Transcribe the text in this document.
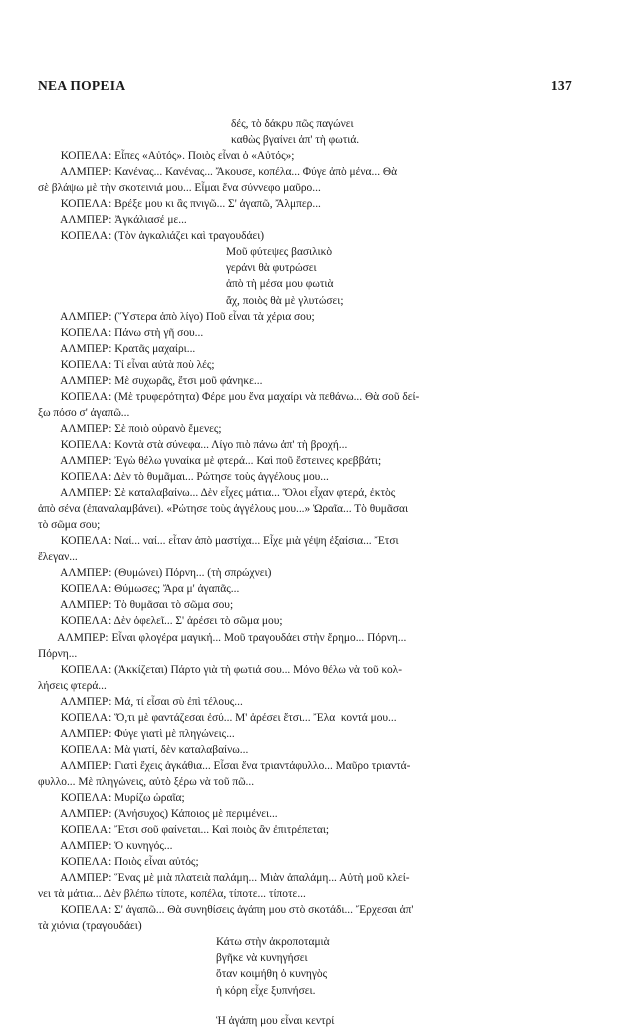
ΝΕΑ ΠΟΡΕΙΑ	137
δές, τὸ δάκρυ πῶς παγώνει
καθὼς βγαίνει ἀπ' τὴ φωτιά.
ΚΟΠΕΛΑ: Εἶπες «Αὐτός». Ποιὸς εἶναι ὁ «Αὐτός»;
ΑΛΜΠΕΡ: Κανένας... Κανένας... Ἄκουσε, κοπέλα... Φύγε ἀπὸ μένα... Θὰ
σὲ βλάψω μὲ τὴν σκοτεινιά μου... Εἶμαι ἕνα σύννεφο μαῦρο...
ΚΟΠΕΛΑ: Βρέξε μου κι ἂς πνιγῶ... Σ' ἀγαπῶ, Ἄλμπερ...
ΑΛΜΠΕΡ: Ἀγκάλιασέ με...
ΚΟΠΕΛΑ: (Τὸν ἀγκαλιάζει καὶ τραγουδάει)
Μοῦ φύτεψες βασιλικὸ
γεράνι θὰ φυτρώσει
ἀπὸ τὴ μέσα μου φωτιὰ
ἄχ, ποιὸς θὰ μὲ γλυτώσει;
ΑΛΜΠΕΡ: (Ὕστερα ἀπὸ λίγο) Ποῦ εἶναι τὰ χέρια σου;
ΚΟΠΕΛΑ: Πάνω στὴ γῆ σου...
ΑΛΜΠΕΡ: Κρατᾶς μαχαίρι...
ΚΟΠΕΛΑ: Τί εἶναι αὐτὰ ποὺ λές;
ΑΛΜΠΕΡ: Μὲ συχωρᾶς, ἔτσι μοῦ φάνηκε...
ΚΟΠΕΛΑ: (Μὲ τρυφερότητα) Φέρε μου ἕνα μαχαίρι νὰ πεθάνω... Θὰ σοῦ δεί-
ξω πόσο σ' ἀγαπῶ...
ΑΛΜΠΕΡ: Σὲ ποιὸ οὐρανὸ ἔμενες;
ΚΟΠΕΛΑ: Κοντὰ στὰ σύνεφα... Λίγο πιὸ πάνω ἀπ' τὴ βροχή...
ΑΛΜΠΕΡ: Ἐγὼ θέλω γυναίκα μὲ φτερά... Καὶ ποῦ ἔστεινες κρεββάτι;
ΚΟΠΕΛΑ: Δὲν τὸ θυμᾶμαι... Ρώτησε τοὺς ἀγγέλους μου...
ΑΛΜΠΕΡ: Σὲ καταλαβαίνω... Δὲν εἶχες μάτια... Ὅλοι εἶχαν φτερά, ἐκτὸς
ἀπὸ σένα (ἐπαναλαμβάνει). «Ρώτησε τοὺς ἀγγέλους μου...» Ὡραῖα... Τὸ θυμᾶσαι
τὸ σῶμα σου;
ΚΟΠΕΛΑ: Ναί... ναί... εἶταν ἀπὸ μαστίχα... Εἶχε μιὰ γέψη ἐξαίσια... Ἔτσι
ἔλεγαν...
ΑΛΜΠΕΡ: (Θυμώνει) Πόρνη... (τὴ σπρώχνει)
ΚΟΠΕΛΑ: Θύμωσες; Ἄρα μ' ἀγαπᾶς...
ΑΛΜΠΕΡ: Τὸ θυμᾶσαι τὸ σῶμα σου;
ΚΟΠΕΛΑ: Δὲν ὀφελεῖ... Σ' ἀρέσει τὸ σῶμα μου;
ΑΛΜΠΕΡ: Εἶναι φλογέρα μαγική... Μοῦ τραγουδάει στὴν ἔρημο... Πόρνη...
Πόρνη...
ΚΟΠΕΛΑ: (Ἀκκίζεται) Πάρτο γιὰ τὴ φωτιά σου... Μόνο θέλω νὰ τοῦ κολ-
λήσεις φτερά...
ΑΛΜΠΕΡ: Μά, τί εἶσαι σὺ ἐπὶ τέλους...
ΚΟΠΕΛΑ: Ὅ,τι μὲ φαντάζεσαι ἐσύ... Μ' ἀρέσει ἔτσι... Ἔλα  κοντά μου...
ΑΛΜΠΕΡ: Φύγε γιατὶ μὲ πληγώνεις...
ΚΟΠΕΛΑ: Μὰ γιατί, δὲν καταλαβαίνω...
ΑΛΜΠΕΡ: Γιατὶ ἔχεις ἀγκάθια... Εἶσαι ἕνα τριαντάφυλλο... Μαῦρο τριαντά-
φυλλο... Μὲ πληγώνεις, αὐτὸ ξέρω νὰ τοῦ πῶ...
ΚΟΠΕΛΑ: Μυρίζω ὡραῖα;
ΑΛΜΠΕΡ: (Ἀνήσυχος) Κάποιος μὲ περιμένει...
ΚΟΠΕΛΑ: Ἔτσι σοῦ φαίνεται... Καὶ ποιὸς ἂν ἐπιτρέπεται;
ΑΛΜΠΕΡ: Ὁ κυνηγός...
ΚΟΠΕΛΑ: Ποιὸς εἶναι αὐτός;
ΑΛΜΠΕΡ: Ἕνας μὲ μιὰ πλατειὰ παλάμη... Μιὰν ἀπαλάμη... Αὐτὴ μοῦ κλεί-
νει τὰ μάτια... Δὲν βλέπω τίποτε, κοπέλα, τίποτε... τίποτε...
ΚΟΠΕΛΑ: Σ' ἀγαπῶ... Θὰ συνηθίσεις ἀγάπη μου στὸ σκοτάδι... Ἔρχεσαι ἀπ'
τὰ χιόνια (τραγουδάει)
Κάτω στὴν ἀκροποταμιὰ
βγῆκε νὰ κυνηγήσει
ὅταν κοιμήθη ὁ κυνηγὸς
ἡ κόρη εἶχε ξυπνήσει.
Ἡ ἀγάπη μου εἶναι κεντρί
